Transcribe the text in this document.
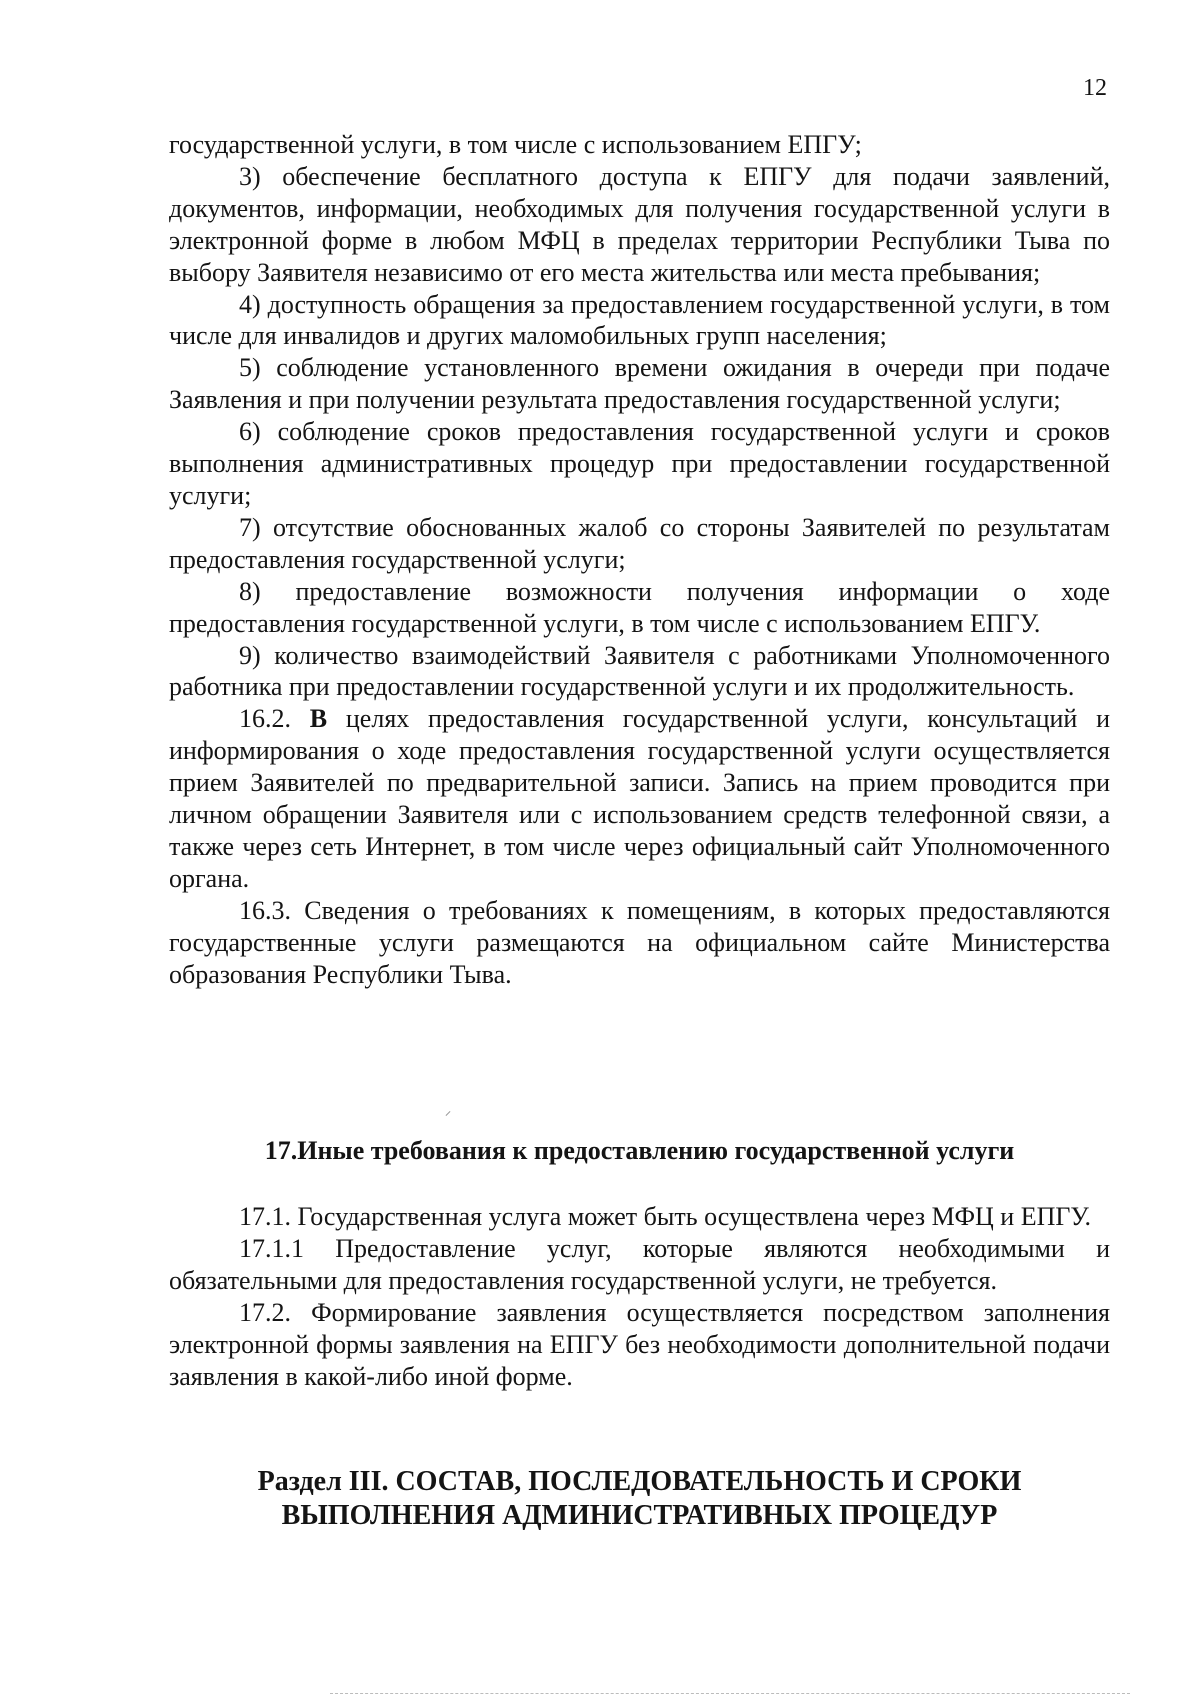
12

государственной услуги, в том числе с использованием ЕПГУ;

3) обеспечение бесплатного доступа к ЕПГУ для подачи заявлений, документов, информации, необходимых для получения государственной услуги в электронной форме в любом МФЦ в пределах территории Республики Тыва по выбору Заявителя независимо от его места жительства или места пребывания;

4) доступность обращения за предоставлением государственной услуги, в том числе для инвалидов и других маломобильных групп населения;

5) соблюдение установленного времени ожидания в очереди при подаче Заявления и при получении результата предоставления государственной услуги;

6) соблюдение сроков предоставления государственной услуги и сроков выполнения административных процедур при предоставлении государственной услуги;

7) отсутствие обоснованных жалоб со стороны Заявителей по результатам предоставления государственной услуги;

8) предоставление возможности получения информации о ходе предоставления государственной услуги, в том числе с использованием ЕПГУ.

9) количество взаимодействий Заявителя с работниками Уполномоченного работника при предоставлении государственной услуги и их продолжительность.

16.2. В целях предоставления государственной услуги, консультаций и информирования о ходе предоставления государственной услуги осуществляется прием Заявителей по предварительной записи. Запись на прием проводится при личном обращении Заявителя или с использованием средств телефонной связи, а также через сеть Интернет, в том числе через официальный сайт Уполномоченного органа.

16.3. Сведения о требованиях к помещениям, в которых предоставляются государственные услуги размещаются на официальном сайте Министерства образования Республики Тыва.

17.Иные требования к предоставлению государственной услуги

17.1. Государственная услуга может быть осуществлена через МФЦ и ЕПГУ.

17.1.1 Предоставление услуг, которые являются необходимыми и обязательными для предоставления государственной услуги, не требуется.

17.2. Формирование заявления осуществляется посредством заполнения электронной формы заявления на ЕПГУ без необходимости дополнительной подачи заявления в какой-либо иной форме.

Раздел III. СОСТАВ, ПОСЛЕДОВАТЕЛЬНОСТЬ И СРОКИ
ВЫПОЛНЕНИЯ АДМИНИСТРАТИВНЫХ ПРОЦЕДУР
